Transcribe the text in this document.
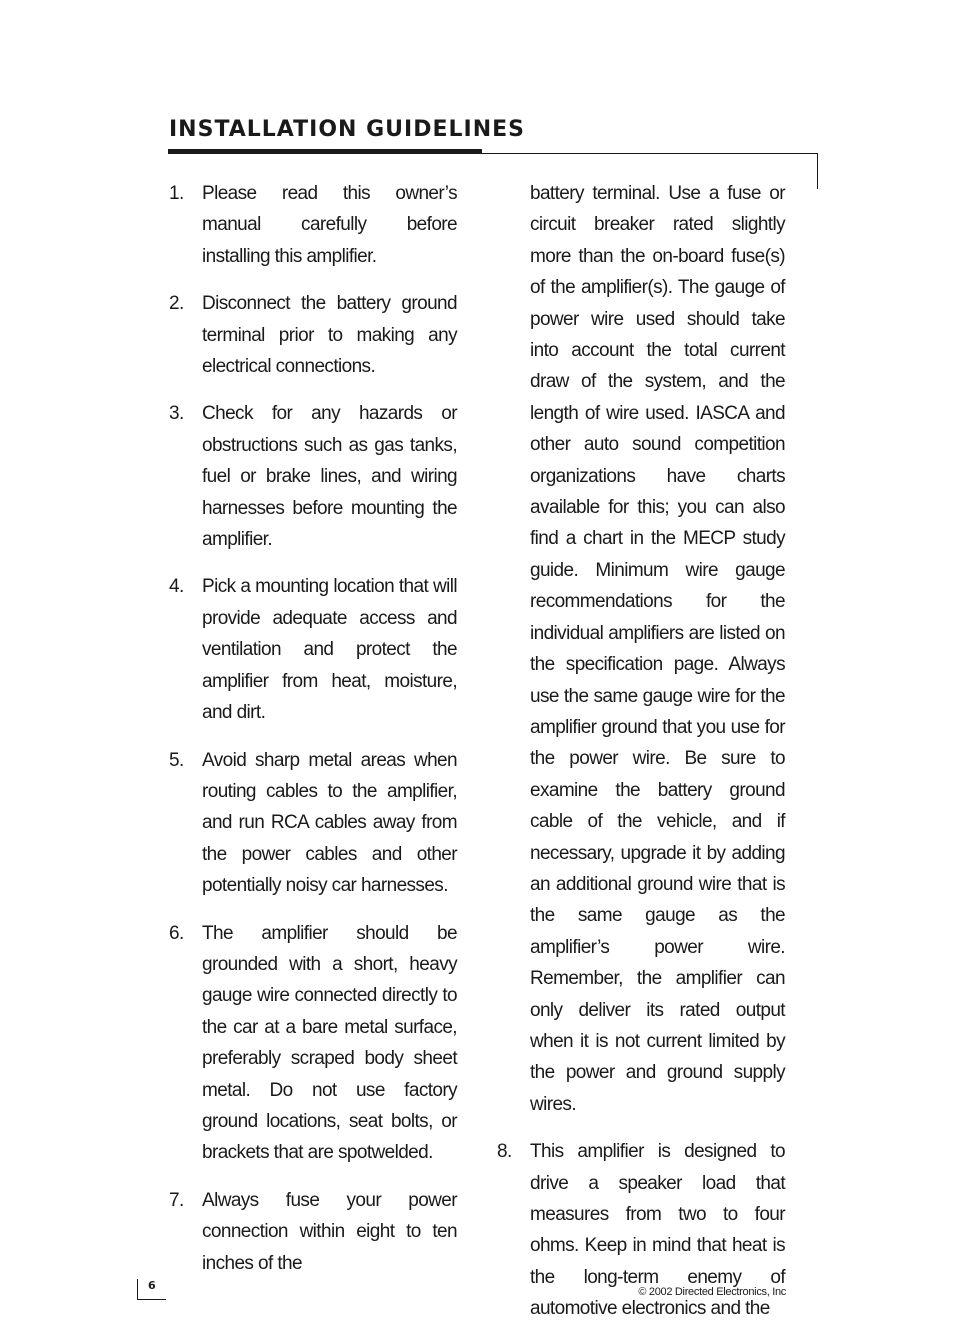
INSTALLATION GUIDELINES
1. Please read this owner’s manual carefully before installing this amplifier.
2. Disconnect the battery ground terminal prior to making any electrical connections.
3. Check for any hazards or obstructions such as gas tanks, fuel or brake lines, and wiring harnesses before mounting the amplifier.
4. Pick a mounting location that will provide adequate access and ventilation and protect the amplifier from heat, moisture, and dirt.
5. Avoid sharp metal areas when routing cables to the amplifier, and run RCA cables away from the power cables and other potentially noisy car harnesses.
6. The amplifier should be grounded with a short, heavy gauge wire connected directly to the car at a bare metal surface, preferably scraped body sheet metal. Do not use factory ground locations, seat bolts, or brackets that are spotwelded.
7. Always fuse your power connection within eight to ten inches of the
battery terminal. Use a fuse or circuit breaker rated slightly more than the on-board fuse(s) of the amplifier(s). The gauge of power wire used should take into account the total current draw of the system, and the length of wire used. IASCA and other auto sound competition organizations have charts available for this; you can also find a chart in the MECP study guide. Minimum wire gauge recommendations for the individual amplifiers are listed on the specification page. Always use the same gauge wire for the amplifier ground that you use for the power wire. Be sure to examine the battery ground cable of the vehicle, and if necessary, upgrade it by adding an additional ground wire that is the same gauge as the amplifier’s power wire. Remember, the amplifier can only deliver its rated output when it is not current limited by the power and ground supply wires.
8. This amplifier is designed to drive a speaker load that measures from two to four ohms. Keep in mind that heat is the long-term enemy of automotive electronics and the
6	© 2002 Directed Electronics, Inc
